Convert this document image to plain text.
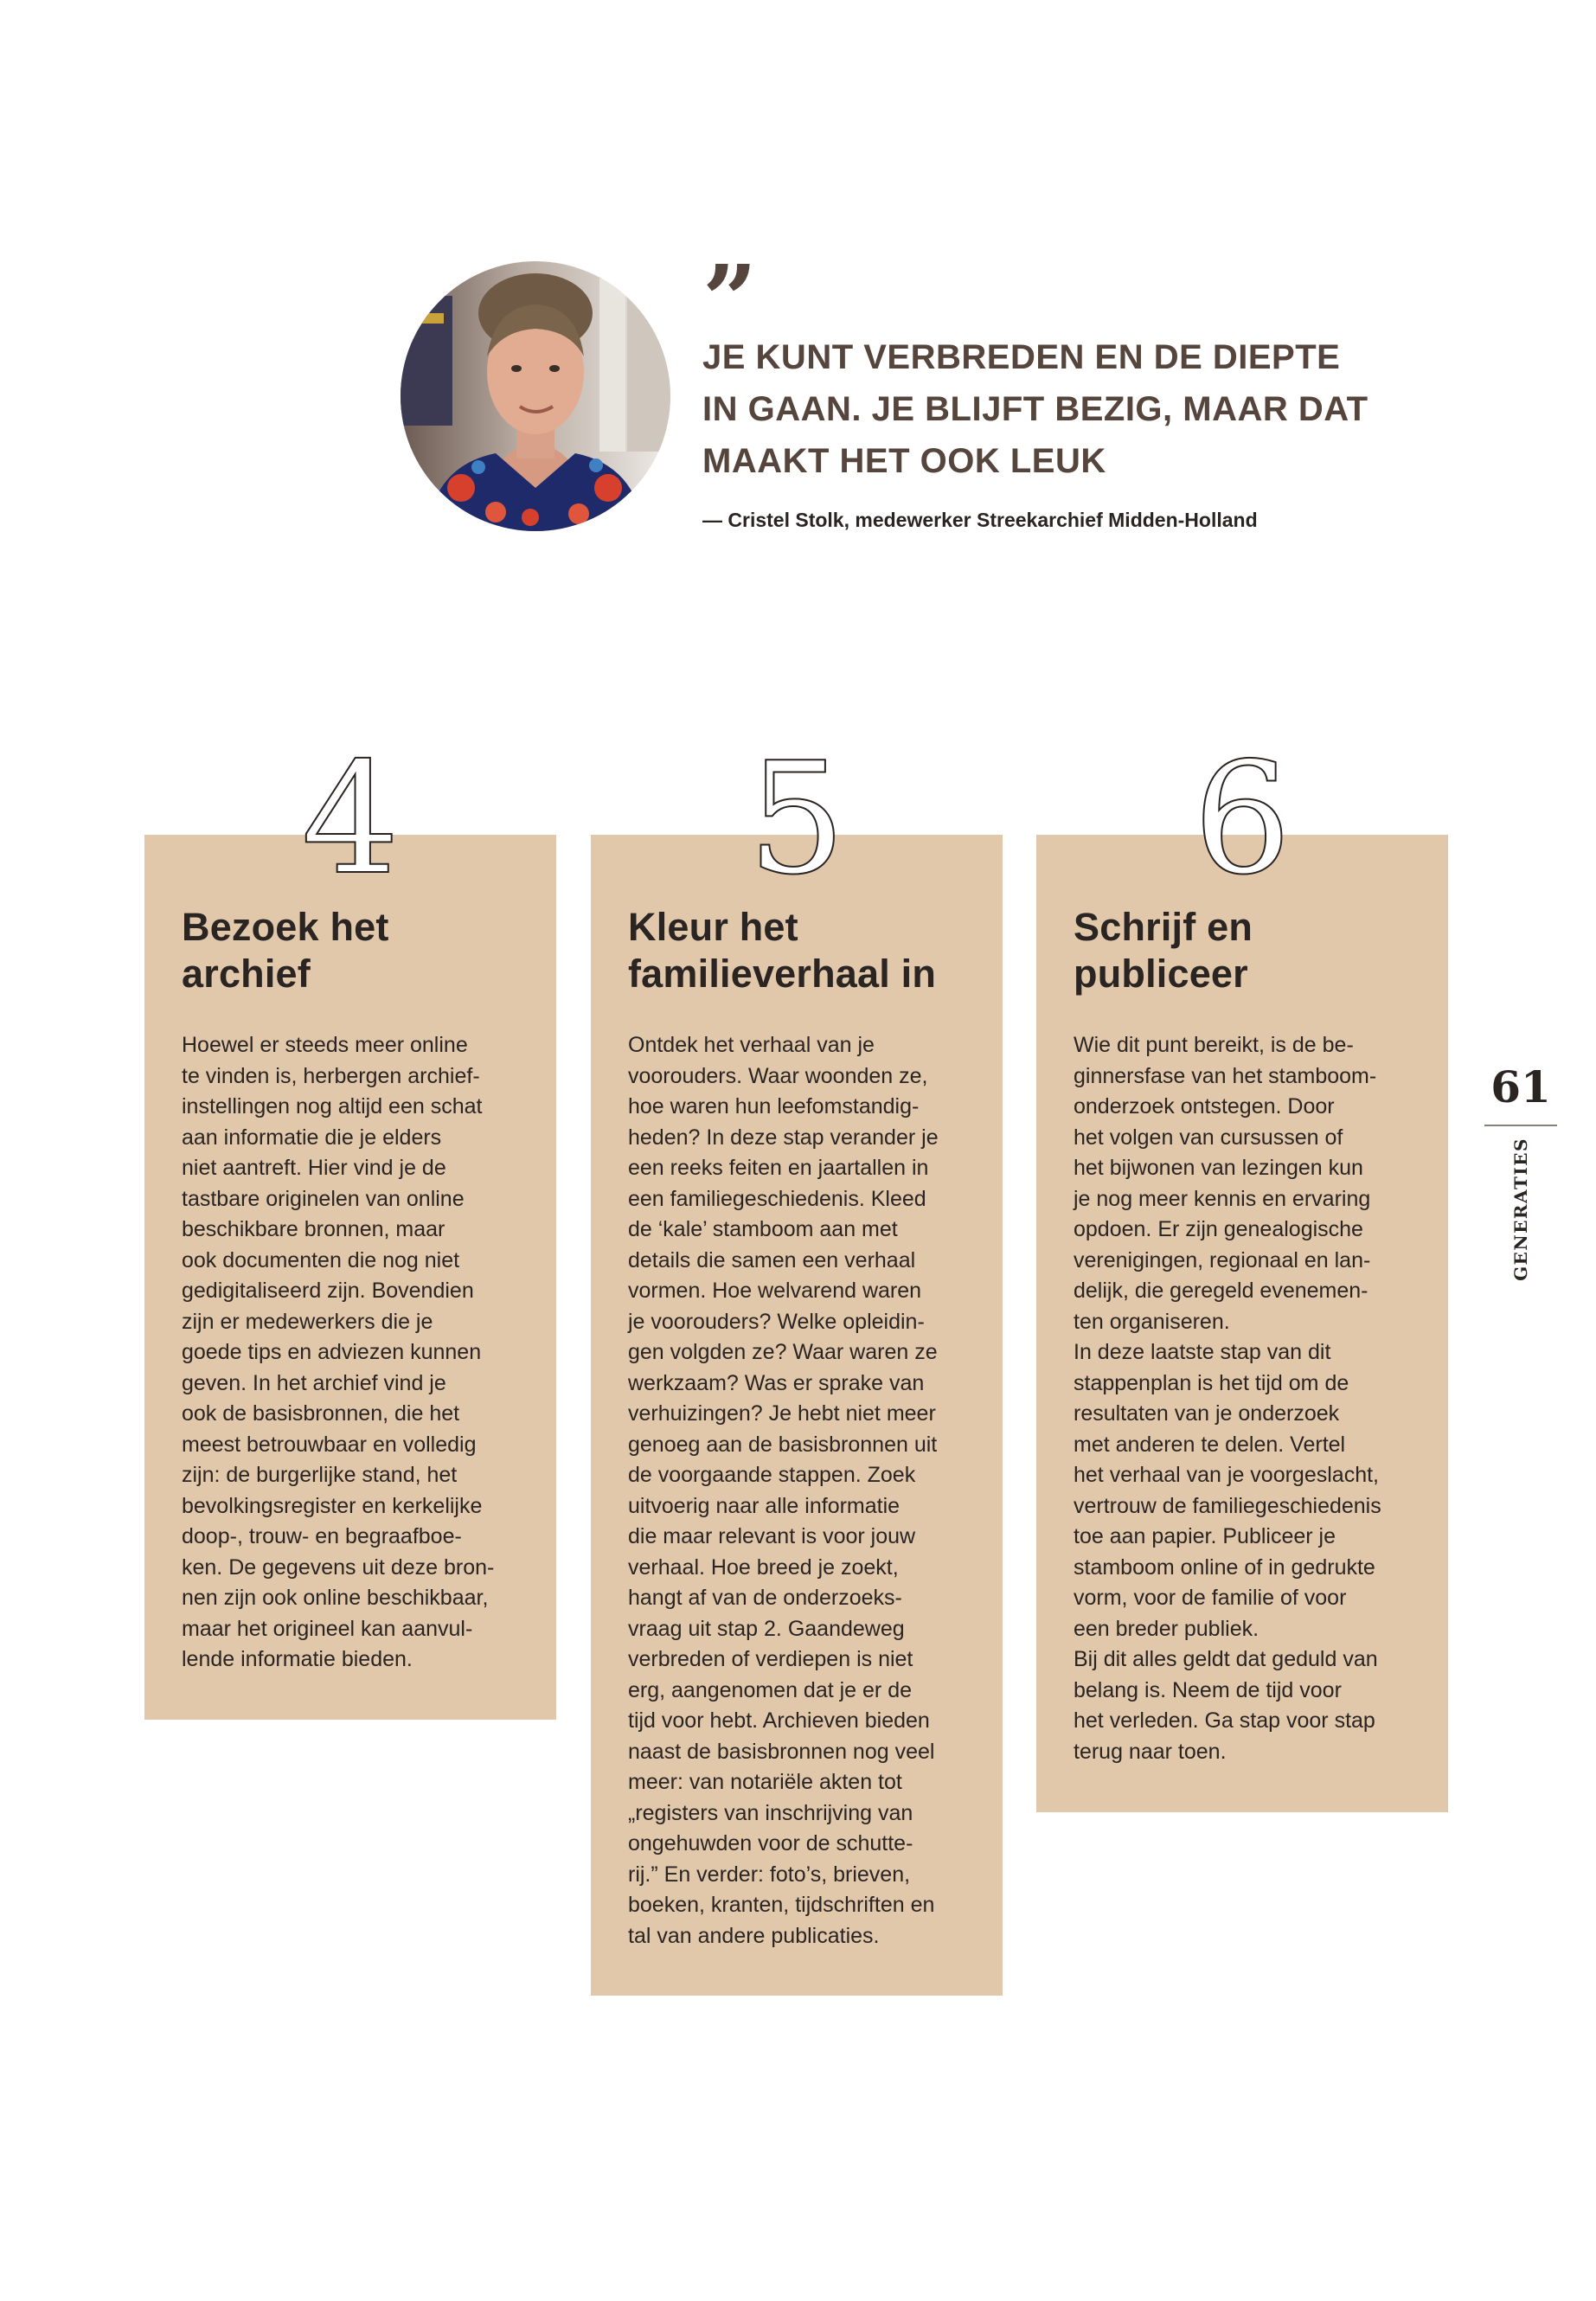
”
JE KUNT VERBREDEN EN DE DIEPTE
IN GAAN. JE BLIJFT BEZIG, MAAR DAT
MAAKT HET OOK LEUK
— Cristel Stolk, medewerker Streekarchief Midden-Holland
4
Bezoek het
archief
Hoewel er steeds meer online
te vinden is, herbergen archief-
instellingen nog altijd een schat
aan informatie die je elders
niet aantreft. Hier vind je de
tastbare originelen van online
beschikbare bronnen, maar
ook documenten die nog niet
gedigitaliseerd zijn. Bovendien
zijn er medewerkers die je
goede tips en adviezen kunnen
geven. In het archief vind je
ook de basisbronnen, die het
meest betrouwbaar en volledig
zijn: de burgerlijke stand, het
bevolkingsregister en kerkelijke
doop-, trouw- en begraafboe-
ken. De gegevens uit deze bron-
nen zijn ook online beschikbaar,
maar het origineel kan aanvul-
lende informatie bieden.
5
Kleur het
familieverhaal in
Ontdek het verhaal van je
voorouders. Waar woonden ze,
hoe waren hun leefomstandig-
heden? In deze stap verander je
een reeks feiten en jaartallen in
een familiegeschiedenis. Kleed
de ‘kale’ stamboom aan met
details die samen een verhaal
vormen. Hoe welvarend waren
je voorouders? Welke opleidin-
gen volgden ze? Waar waren ze
werkzaam? Was er sprake van
verhuizingen? Je hebt niet meer
genoeg aan de basisbronnen uit
de voorgaande stappen. Zoek
uitvoerig naar alle informatie
die maar relevant is voor jouw
verhaal. Hoe breed je zoekt,
hangt af van de onderzoeks-
vraag uit stap 2. Gaandeweg
verbreden of verdiepen is niet
erg, aangenomen dat je er de
tijd voor hebt. Archieven bieden
naast de basisbronnen nog veel
meer: van notariële akten tot
„registers van inschrijving van
ongehuwden voor de schutte-
rij.” En verder: foto’s, brieven,
boeken, kranten, tijdschriften en
tal van andere publicaties.
6
Schrijf en
publiceer
Wie dit punt bereikt, is de be-
ginnersfase van het stamboom-
onderzoek ontstegen. Door
het volgen van cursussen of
het bijwonen van lezingen kun
je nog meer kennis en ervaring
opdoen. Er zijn genealogische
verenigingen, regionaal en lan-
delijk, die geregeld evenemen-
ten organiseren.
In deze laatste stap van dit
stappenplan is het tijd om de
resultaten van je onderzoek
met anderen te delen. Vertel
het verhaal van je voorgeslacht,
vertrouw de familiegeschiedenis
toe aan papier. Publiceer je
stamboom online of in gedrukte
vorm, voor de familie of voor
een breder publiek.
Bij dit alles geldt dat geduld van
belang is. Neem de tijd voor
het verleden. Ga stap voor stap
terug naar toen.
61
GENERATIES
